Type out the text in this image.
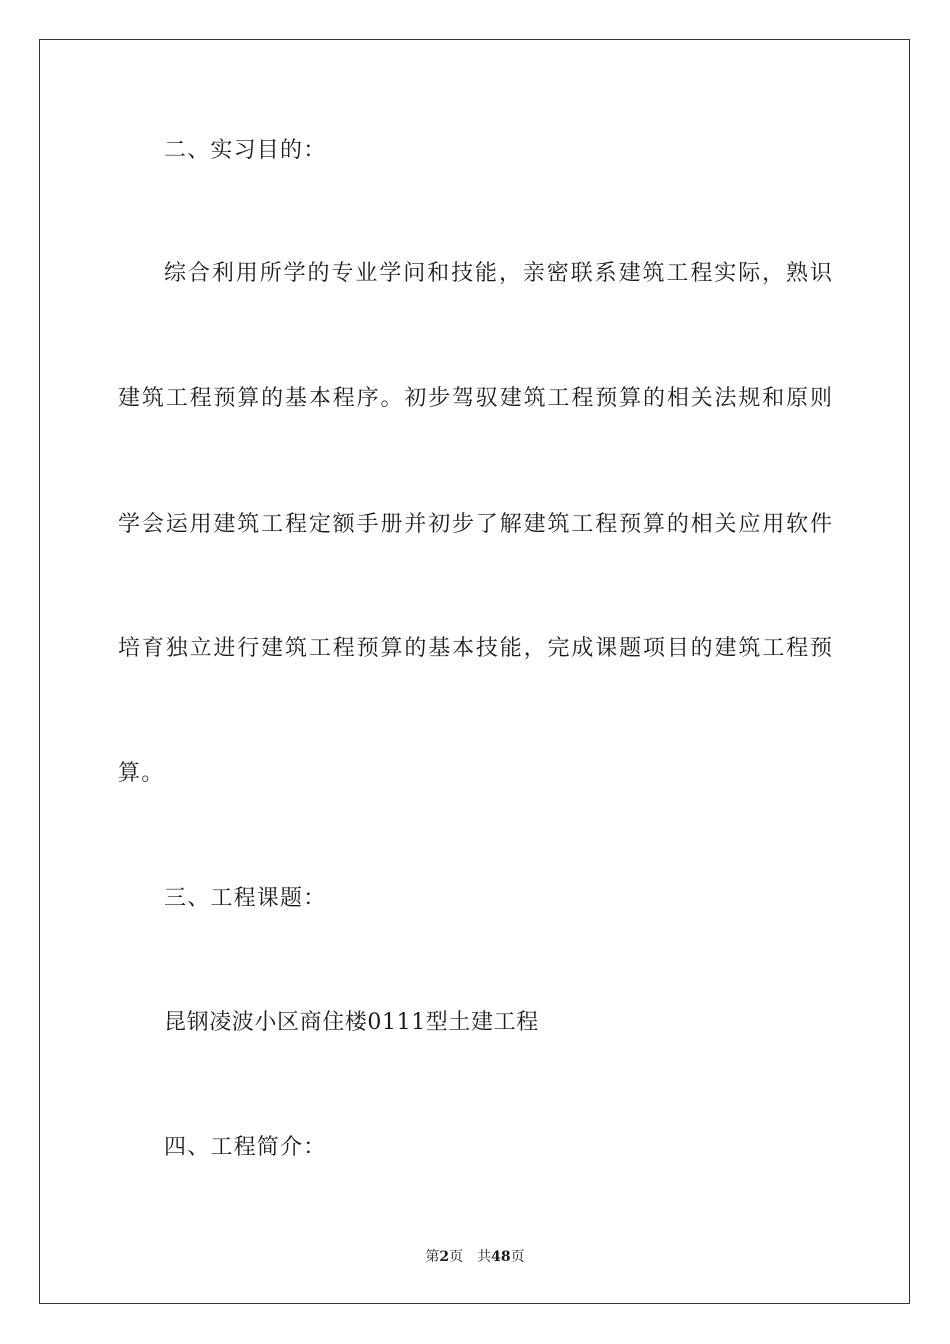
二、实习目的：
综合利用所学的专业学问和技能，亲密联系建筑工程实际，熟识
建筑工程预算的基本程序。初步驾驭建筑工程预算的相关法规和原则
学会运用建筑工程定额手册并初步了解建筑工程预算的相关应用软件
培育独立进行建筑工程预算的基本技能，完成课题项目的建筑工程预
算。
三、工程课题：
昆钢凌波小区商住楼0111型土建工程
四、工程简介：
第2页 共48页
